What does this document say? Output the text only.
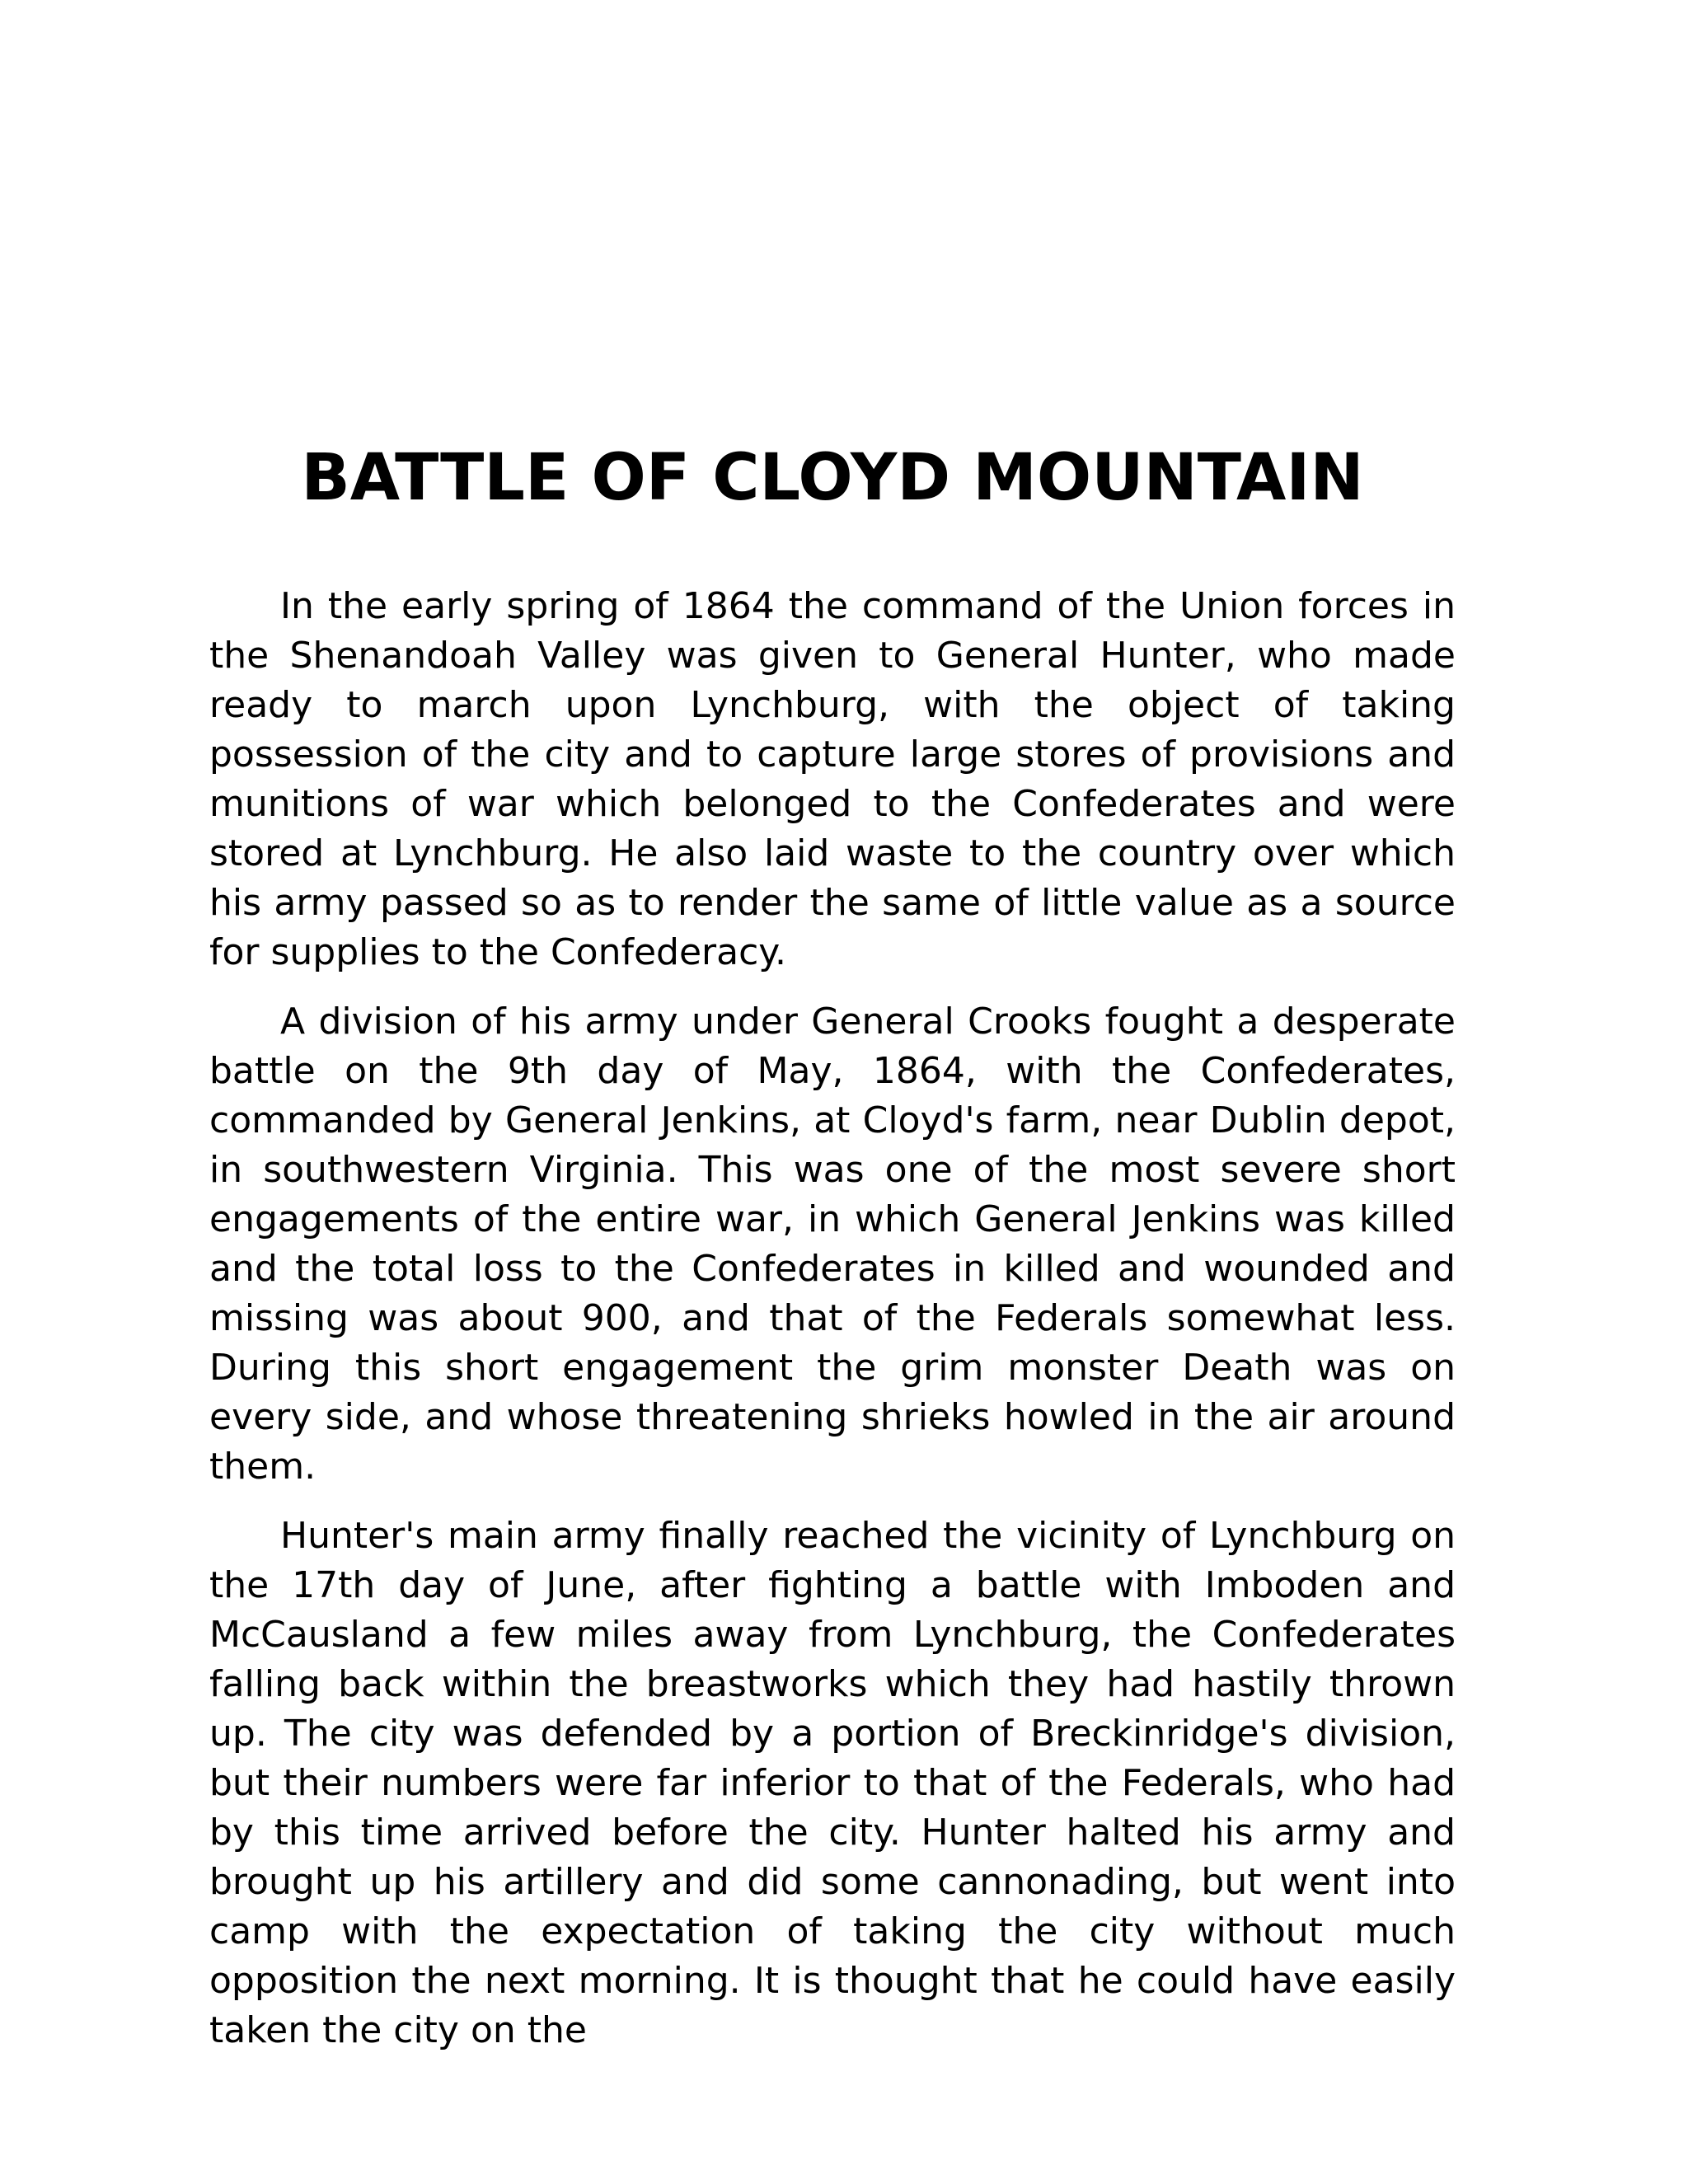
BATTLE OF CLOYD MOUNTAIN

In the early spring of 1864 the command of the Union forces in the Shenandoah Valley was given to General Hunter, who made ready to march upon Lynchburg, with the object of taking possession of the city and to capture large stores of provisions and munitions of war which belonged to the Confederates and were stored at Lynchburg. He also laid waste to the country over which his army passed so as to render the same of little value as a source for supplies to the Confederacy.

A division of his army under General Crooks fought a desperate battle on the 9th day of May, 1864, with the Confederates, commanded by General Jenkins, at Cloyd's farm, near Dublin depot, in southwestern Virginia. This was one of the most severe short engagements of the entire war, in which General Jenkins was killed and the total loss to the Confederates in killed and wounded and missing was about 900, and that of the Federals somewhat less. During this short engagement the grim monster Death was on every side, and whose threatening shrieks howled in the air around them.

Hunter's main army finally reached the vicinity of Lynchburg on the 17th day of June, after fighting a battle with Imboden and McCausland a few miles away from Lynchburg, the Confederates falling back within the breastworks which they had hastily thrown up. The city was defended by a portion of Breckinridge's division, but their numbers were far inferior to that of the Federals, who had by this time arrived before the city. Hunter halted his army and brought up his artillery and did some cannonading, but went into camp with the expectation of taking the city without much opposition the next morning. It is thought that he could have easily taken the city on the
